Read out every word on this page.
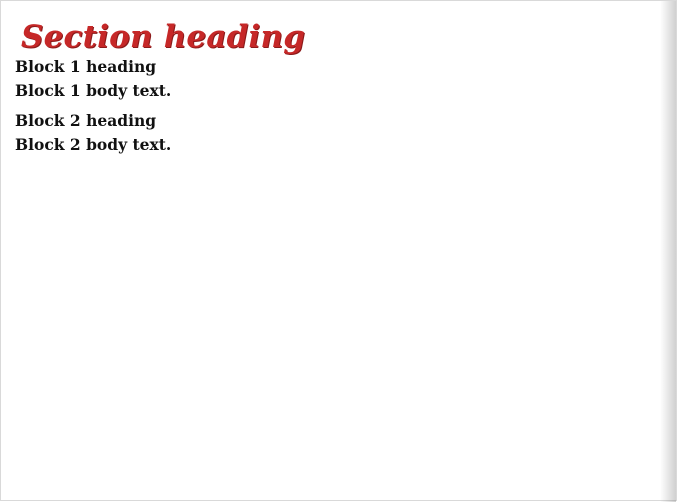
Section heading

Block 1 heading

Block 1 body text.

Block 2 heading

Block 2 body text.
